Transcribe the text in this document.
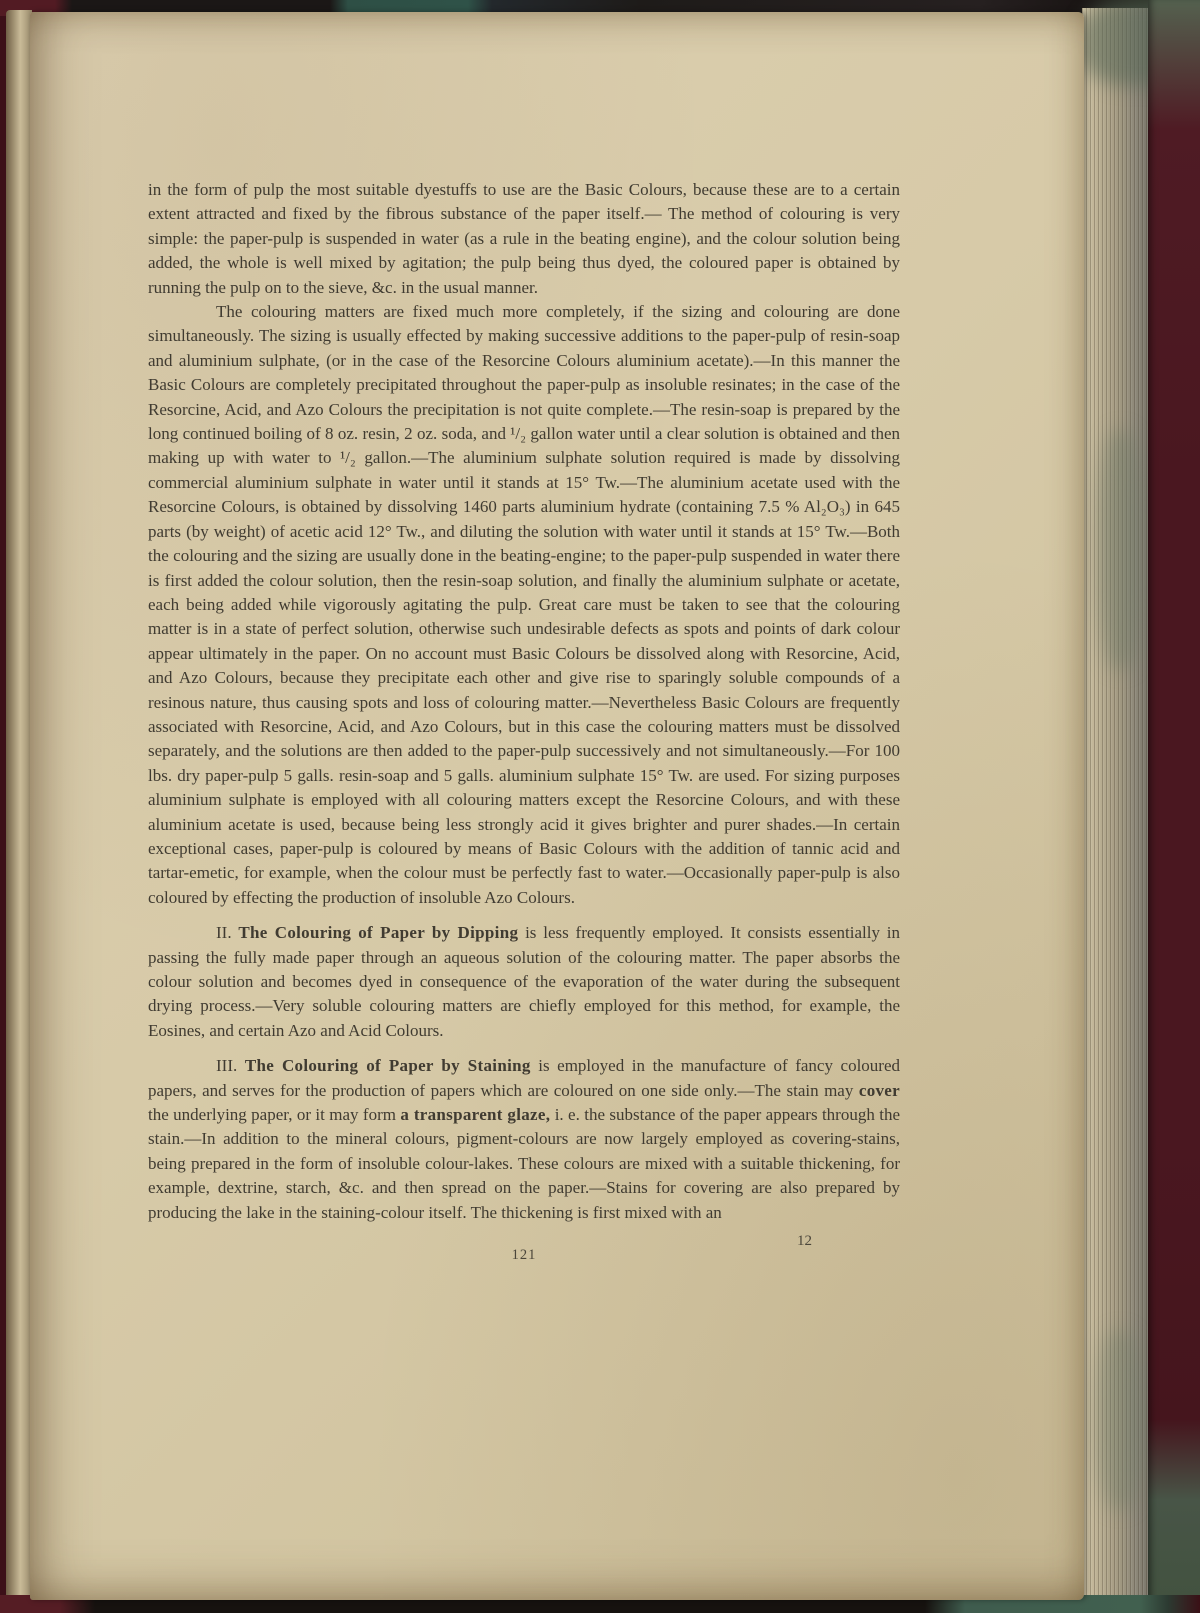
in the form of pulp the most suitable dyestuffs to use are the Basic Colours, because these are to a certain extent attracted and fixed by the fibrous substance of the paper itself.— The method of colouring is very simple: the paper-pulp is suspended in water (as a rule in the beating engine), and the colour solution being added, the whole is well mixed by agitation; the pulp being thus dyed, the coloured paper is obtained by running the pulp on to the sieve, &c. in the usual manner.

The colouring matters are fixed much more completely, if the sizing and colouring are done simultaneously. The sizing is usually effected by making successive additions to the paper-pulp of resin-soap and aluminium sulphate, (or in the case of the Resorcine Colours aluminium acetate).—In this manner the Basic Colours are completely precipitated throughout the paper-pulp as insoluble resinates; in the case of the Resorcine, Acid, and Azo Colours the precipitation is not quite complete.—The resin-soap is prepared by the long continued boiling of 8 oz. resin, 2 oz. soda, and ¹/₂ gallon water until a clear solution is obtained and then making up with water to ¹/₂ gallon.—The aluminium sulphate solution required is made by dissolving commercial aluminium sulphate in water until it stands at 15° Tw.—The aluminium acetate used with the Resorcine Colours, is obtained by dissolving 1460 parts aluminium hydrate (containing 7.5 % Al₂O₃) in 645 parts (by weight) of acetic acid 12° Tw., and diluting the solution with water until it stands at 15° Tw.—Both the colouring and the sizing are usually done in the beating-engine; to the paper-pulp suspended in water there is first added the colour solution, then the resin-soap solution, and finally the aluminium sulphate or acetate, each being added while vigorously agitating the pulp. Great care must be taken to see that the colouring matter is in a state of perfect solution, otherwise such undesirable defects as spots and points of dark colour appear ultimately in the paper. On no account must Basic Colours be dissolved along with Resorcine, Acid, and Azo Colours, because they precipitate each other and give rise to sparingly soluble compounds of a resinous nature, thus causing spots and loss of colouring matter.—Nevertheless Basic Colours are frequently associated with Resorcine, Acid, and Azo Colours, but in this case the colouring matters must be dissolved separately, and the solutions are then added to the paper-pulp successively and not simultaneously.—For 100 lbs. dry paper-pulp 5 galls. resin-soap and 5 galls. aluminium sulphate 15° Tw. are used. For sizing purposes aluminium sulphate is employed with all colouring matters except the Resorcine Colours, and with these aluminium acetate is used, because being less strongly acid it gives brighter and purer shades.—In certain exceptional cases, paper-pulp is coloured by means of Basic Colours with the addition of tannic acid and tartar-emetic, for example, when the colour must be perfectly fast to water.—Occasionally paper-pulp is also coloured by effecting the production of insoluble Azo Colours.

II. The Colouring of Paper by Dipping is less frequently employed. It consists essentially in passing the fully made paper through an aqueous solution of the colouring matter. The paper absorbs the colour solution and becomes dyed in consequence of the evaporation of the water during the subsequent drying process.—Very soluble colouring matters are chiefly employed for this method, for example, the Eosines, and certain Azo and Acid Colours.

III. The Colouring of Paper by Staining is employed in the manufacture of fancy coloured papers, and serves for the production of papers which are coloured on one side only.—The stain may cover the underlying paper, or it may form a transparent glaze, i. e. the substance of the paper appears through the stain.—In addition to the mineral colours, pigment-colours are now largely employed as covering-stains, being prepared in the form of insoluble colour-lakes. These colours are mixed with a suitable thickening, for example, dextrine, starch, &c. and then spread on the paper.—Stains for covering are also prepared by producing the lake in the staining-colour itself. The thickening is first mixed with an

12
121
